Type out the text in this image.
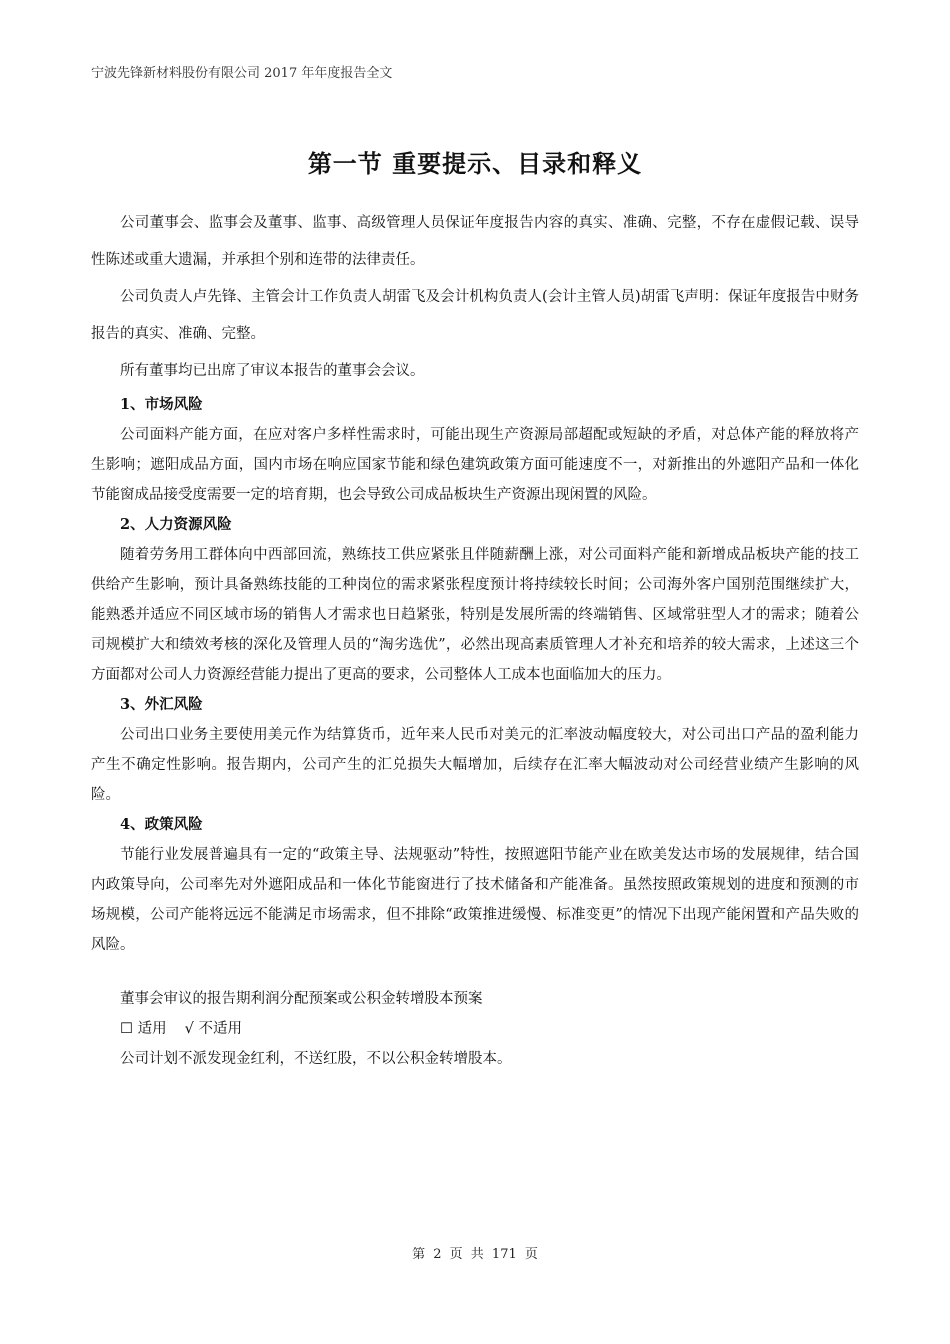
宁波先锋新材料股份有限公司 2017 年年度报告全文
第一节 重要提示、目录和释义

公司董事会、监事会及董事、监事、高级管理人员保证年度报告内容的真实、准确、完整，不存在虚假记载、误导性陈述或重大遗漏，并承担个别和连带的法律责任。

公司负责人卢先锋、主管会计工作负责人胡雷飞及会计机构负责人(会计主管人员)胡雷飞声明：保证年度报告中财务报告的真实、准确、完整。

所有董事均已出席了审议本报告的董事会会议。

1、市场风险

公司面料产能方面，在应对客户多样性需求时，可能出现生产资源局部超配或短缺的矛盾，对总体产能的释放将产生影响；遮阳成品方面，国内市场在响应国家节能和绿色建筑政策方面可能速度不一，对新推出的外遮阳产品和一体化节能窗成品接受度需要一定的培育期，也会导致公司成品板块生产资源出现闲置的风险。

2、人力资源风险

随着劳务用工群体向中西部回流，熟练技工供应紧张且伴随薪酬上涨，对公司面料产能和新增成品板块产能的技工供给产生影响，预计具备熟练技能的工种岗位的需求紧张程度预计将持续较长时间；公司海外客户国别范围继续扩大，能熟悉并适应不同区域市场的销售人才需求也日趋紧张，特别是发展所需的终端销售、区域常驻型人才的需求；随着公司规模扩大和绩效考核的深化及管理人员的“淘劣选优”，必然出现高素质管理人才补充和培养的较大需求，上述这三个方面都对公司人力资源经营能力提出了更高的要求，公司整体人工成本也面临加大的压力。

3、外汇风险

公司出口业务主要使用美元作为结算货币，近年来人民币对美元的汇率波动幅度较大，对公司出口产品的盈利能力产生不确定性影响。报告期内，公司产生的汇兑损失大幅增加，后续存在汇率大幅波动对公司经营业绩产生影响的风险。

4、政策风险

节能行业发展普遍具有一定的“政策主导、法规驱动”特性，按照遮阳节能产业在欧美发达市场的发展规律，结合国内政策导向，公司率先对外遮阳成品和一体化节能窗进行了技术储备和产能准备。虽然按照政策规划的进度和预测的市场规模，公司产能将远远不能满足市场需求，但不排除“政策推进缓慢、标准变更”的情况下出现产能闲置和产品失败的风险。

董事会审议的报告期利润分配预案或公积金转增股本预案

☐ 适用 √ 不适用

公司计划不派发现金红利，不送红股，不以公积金转增股本。

第 2 页 共 171 页
